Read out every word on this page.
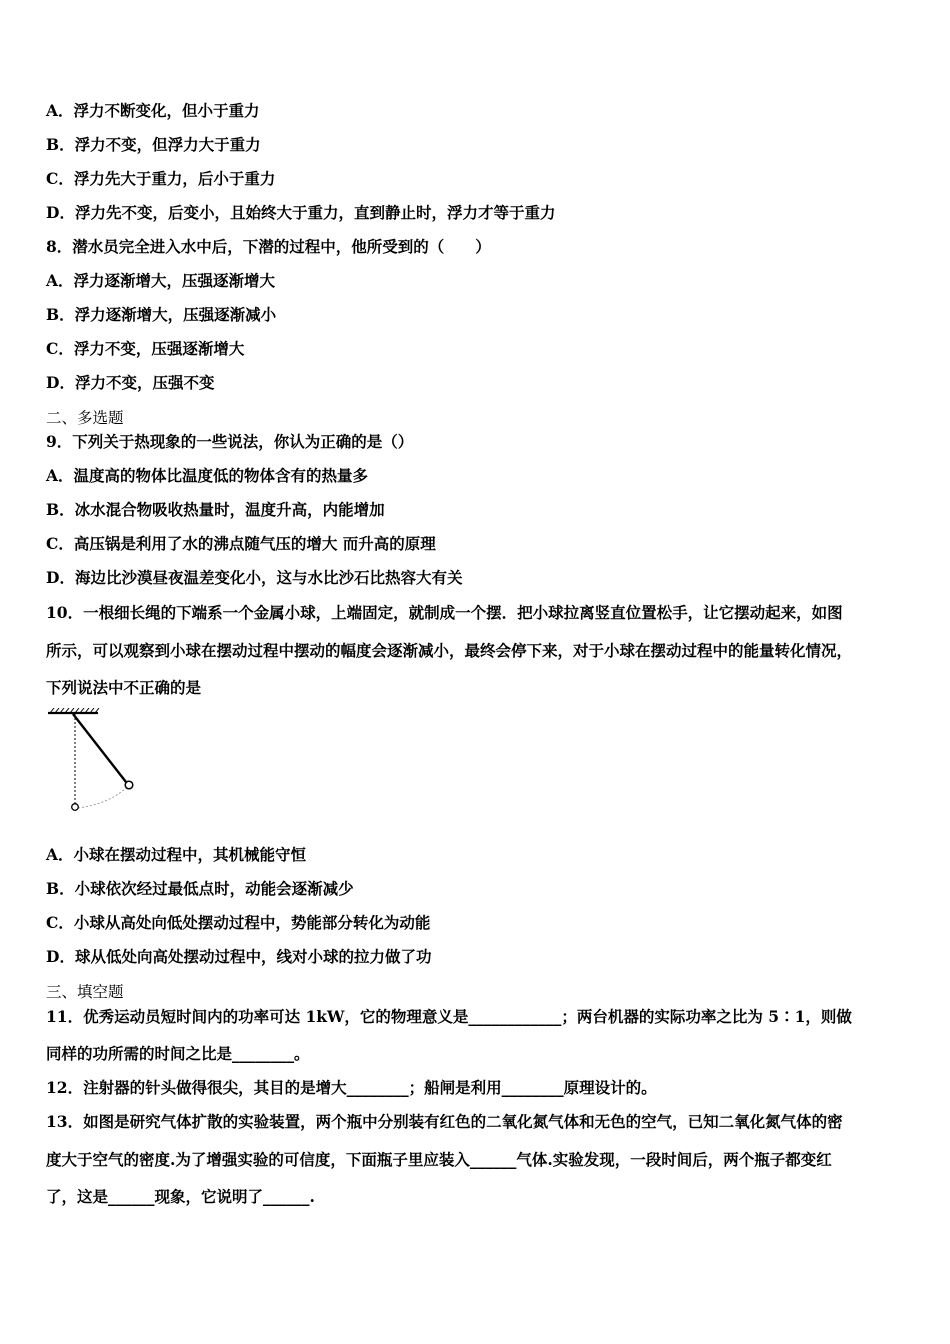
A．浮力不断变化，但小于重力
B．浮力不变，但浮力大于重力
C．浮力先大于重力，后小于重力
D．浮力先不变，后变小，且始终大于重力，直到静止时，浮力才等于重力
8．潜水员完全进入水中后，下潜的过程中，他所受到的（　　）
A．浮力逐渐增大，压强逐渐增大
B．浮力逐渐增大，压强逐渐减小
C．浮力不变，压强逐渐增大
D．浮力不变，压强不变
二、多选题
9．下列关于热现象的一些说法，你认为正确的是（）
A．温度高的物体比温度低的物体含有的热量多
B．冰水混合物吸收热量时，温度升高，内能增加
C．高压锅是利用了水的沸点随气压的增大 而升高的原理
D．海边比沙漠昼夜温差变化小，这与水比沙石比热容大有关
10．一根细长绳的下端系一个金属小球，上端固定，就制成一个摆．把小球拉离竖直位置松手，让它摆动起来，如图
所示，可以观察到小球在摆动过程中摆动的幅度会逐渐减小，最终会停下来，对于小球在摆动过程中的能量转化情况，
下列说法中不正确的是
A．小球在摆动过程中，其机械能守恒
B．小球依次经过最低点时，动能会逐渐减少
C．小球从高处向低处摆动过程中，势能部分转化为动能
D．球从低处向高处摆动过程中，线对小球的拉力做了功
三、填空题
11．优秀运动员短时间内的功率可达 1kW，它的物理意义是____________；两台机器的实际功率之比为 5∶1，则做
同样的功所需的时间之比是________。
12．注射器的针头做得很尖，其目的是增大________；船闸是利用________原理设计的。
13．如图是研究气体扩散的实验装置，两个瓶中分别装有红色的二氧化氮气体和无色的空气，已知二氧化氮气体的密
度大于空气的密度.为了增强实验的可信度，下面瓶子里应装入______气体.实验发现，一段时间后，两个瓶子都变红
了，这是______现象，它说明了______.
